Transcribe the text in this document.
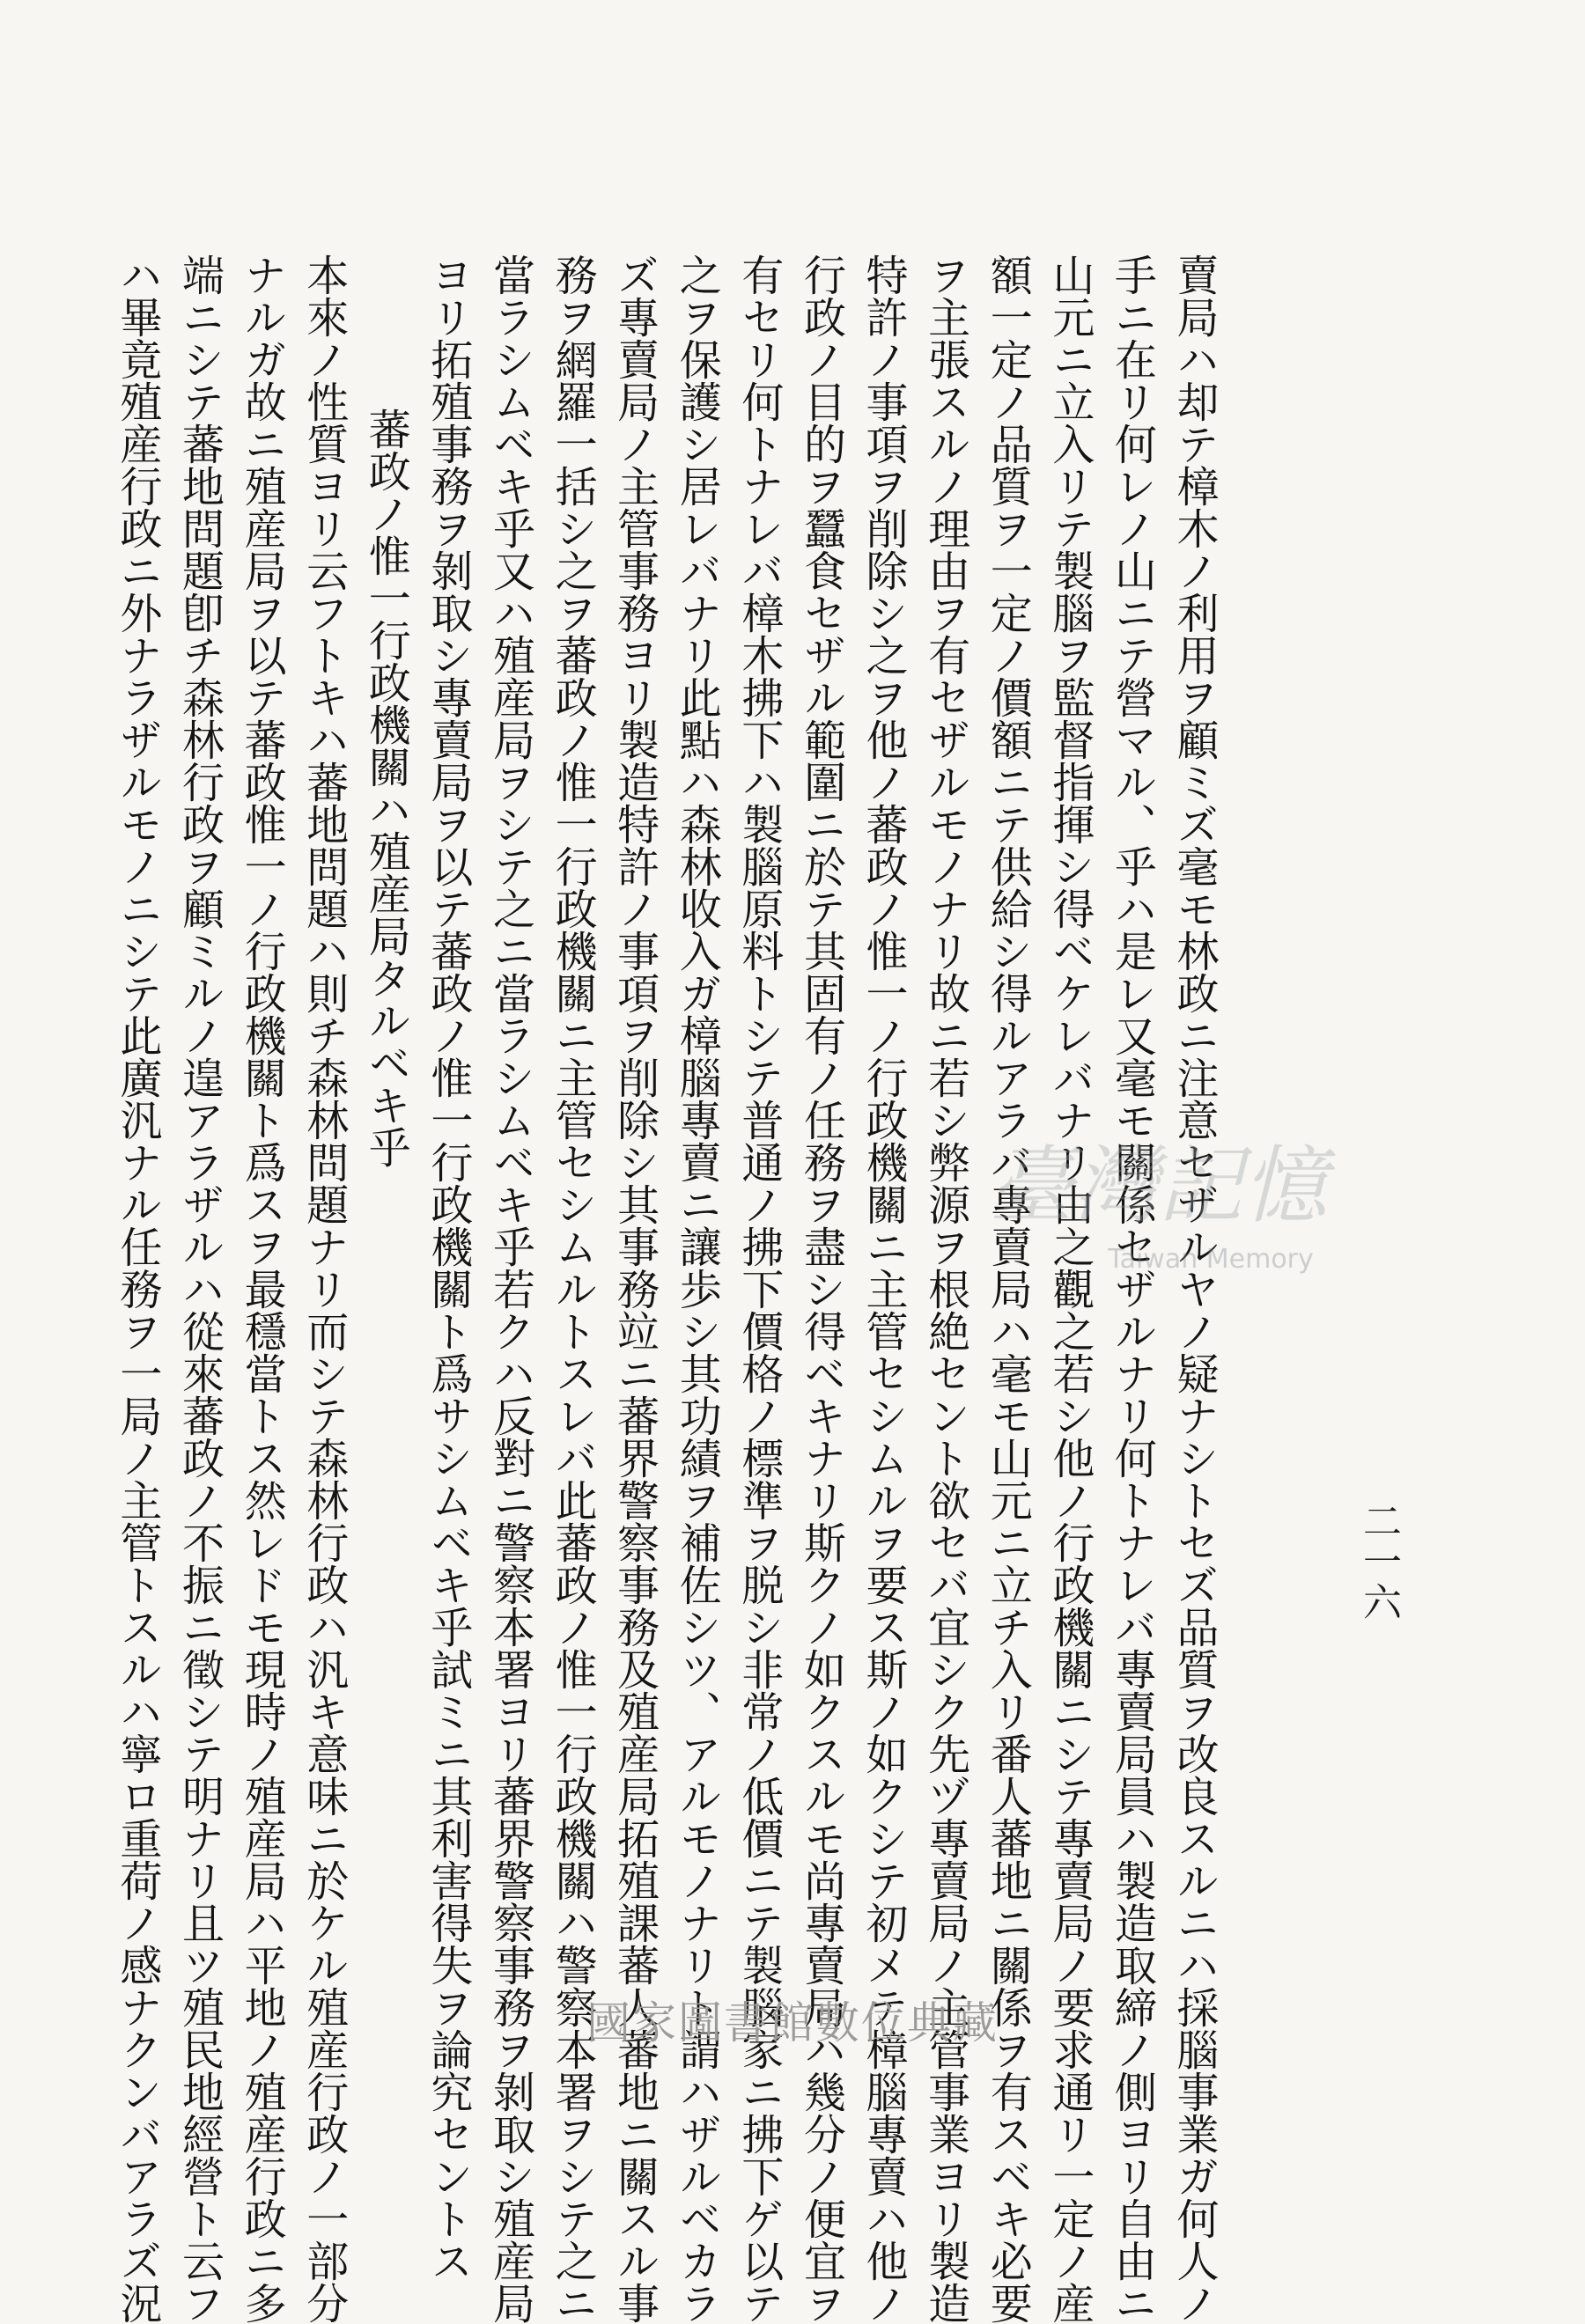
二一六
賣局ハ却テ樟木ノ利用ヲ顧ミズ毫モ林政ニ注意セザルヤノ疑ナシトセズ品質ヲ改良スルニハ採腦事業ガ何人ノ
手ニ在リ何レノ山ニテ營マル、乎ハ是レ又毫モ關係セザルナリ何トナレバ專賣局員ハ製造取締ノ側ヨリ自由ニ
山元ニ立入リテ製腦ヲ監督指揮シ得ベケレバナリ由之觀之若シ他ノ行政機關ニシテ專賣局ノ要求通リ一定ノ産
額一定ノ品質ヲ一定ノ價額ニテ供給シ得ルアラバ專賣局ハ毫モ山元ニ立チ入リ番人蕃地ニ關係ヲ有スベキ必要
ヲ主張スルノ理由ヲ有セザルモノナリ故ニ若シ弊源ヲ根絶セント欲セバ宜シク先ヅ專賣局ノ主管事業ヨリ製造
特許ノ事項ヲ削除シ之ヲ他ノ蕃政ノ惟一ノ行政機關ニ主管セシムルヲ要ス斯ノ如クシテ初メテ樟腦專賣ハ他ノ
行政ノ目的ヲ蠶食セザル範圍ニ於テ其固有ノ任務ヲ盡シ得ベキナリ斯クノ如クスルモ尚專賣局ハ幾分ノ便宜ヲ
有セリ何トナレバ樟木拂下ハ製腦原料トシテ普通ノ拂下價格ノ標準ヲ脱シ非常ノ低價ニテ製腦家ニ拂下ゲ以テ
之ヲ保護シ居レバナリ此點ハ森林收入ガ樟腦專賣ニ讓歩シ其功績ヲ補佐シツ、アルモノナリト謂ハザルベカラ
ズ專賣局ノ主管事務ヨリ製造特許ノ事項ヲ削除シ其事務竝ニ蕃界警察事務及殖産局拓殖課蕃人蕃地ニ關スル事
務ヲ網羅一括シ之ヲ蕃政ノ惟一行政機關ニ主管セシムルトスレバ此蕃政ノ惟一行政機關ハ警察本署ヲシテ之ニ
當ラシムベキ乎又ハ殖産局ヲシテ之ニ當ラシムベキ乎若クハ反對ニ警察本署ヨリ蕃界警察事務ヲ剝取シ殖産局
ヨリ拓殖事務ヲ剝取シ專賣局ヲ以テ蕃政ノ惟一行政機關ト爲サシムベキ乎試ミニ其利害得失ヲ論究セントス
蕃政ノ惟一行政機關ハ殖産局タルベキ乎
本來ノ性質ヨリ云フトキハ蕃地問題ハ則チ森林問題ナリ而シテ森林行政ハ汎キ意味ニ於ケル殖産行政ノ一部分
ナルガ故ニ殖産局ヲ以テ蕃政惟一ノ行政機關ト爲スヲ最穩當トス然レドモ現時ノ殖産局ハ平地ノ殖産行政ニ多
端ニシテ蕃地問題卽チ森林行政ヲ顧ミルノ遑アラザルハ從來蕃政ノ不振ニ徵シテ明ナリ且ツ殖民地經營ト云フ
ハ畢竟殖産行政ニ外ナラザルモノニシテ此廣汎ナル任務ヲ一局ノ主管トスルハ寧ロ重荷ノ感ナクンバアラズ況	臺灣記憶
Taiwan Memory
國家圖書館數位典藏
